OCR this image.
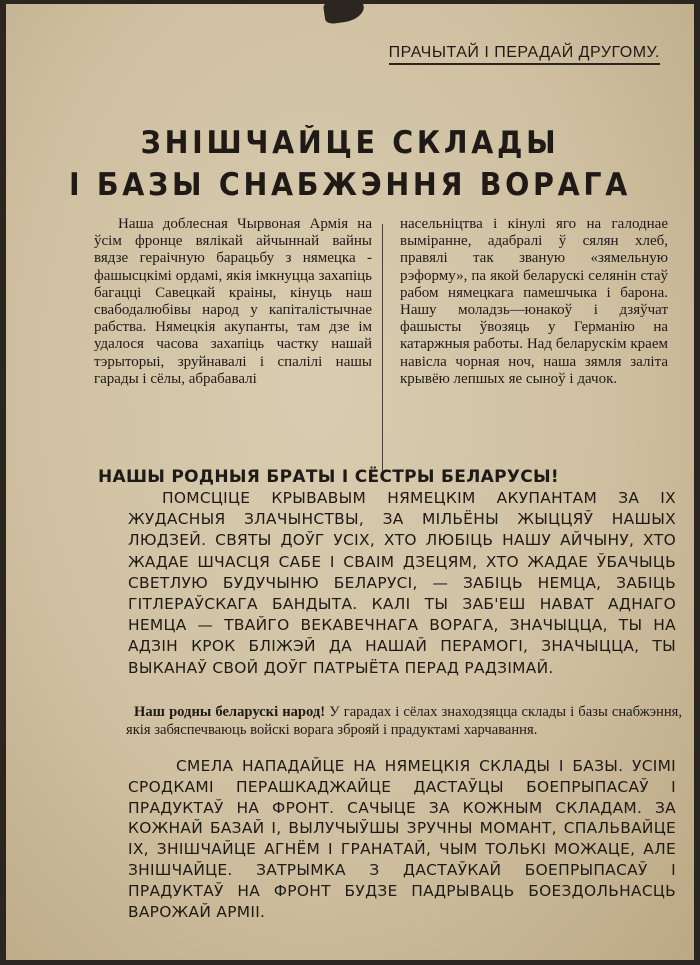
ПРАЧЫТАЙ І ПЕРАДАЙ ДРУГОМУ.
ЗНІШЧАЙЦЕ СКЛАДЫ
І БАЗЫ СНАБЖЭННЯ ВОРАГА
Наша доблесная Чырвоная Армія на ўсім фронце вялікай айчыннай вайны вядзе гераічную барацьбу з нямецка - фашысцкімі ордамі, якія імкнуцца захапіць багацці Савецкай краіны, кінуць наш свабодалюбівы народ у капіталістычнае рабства. Нямецкія акупанты, там дзе ім удалося часова захапіць частку нашай тэрыторыі, зруйнавалі і спалілі нашы гарады і сёлы, абрабавалі
насельніцтва і кінулі яго на галоднае выміранне, адабралі ў сялян хлеб, правялі так званую «зямельную рэформу», па якой беларускі селянін стаў рабом нямецкага памешчыка і барона. Нашу моладзь—юнакоў і дзяўчат фашысты ўвозяць у Германію на катаржныя работы. Над беларускім краем навісла чорная ноч, наша зямля заліта крывёю лепшых яе сыноў і дачок.
НАШЫ РОДНЫЯ БРАТЫ І СЁСТРЫ БЕЛАРУСЫ!
ПОМСЦІЦЕ КРЫВАВЫМ НЯМЕЦКІМ АКУПАНТАМ ЗА ІХ ЖУДАСНЫЯ ЗЛАЧЫНСТВЫ, ЗА МІЛЬЁНЫ ЖЫЦЦЯЎ НАШЫХ ЛЮДЗЕЙ. СВЯТЫ ДОЎГ УСІХ, ХТО ЛЮБІЦЬ НАШУ АЙЧЫНУ, ХТО ЖАДАЕ ШЧАСЦЯ САБЕ І СВАІМ ДЗЕЦЯМ, ХТО ЖАДАЕ ЎБАЧЫЦЬ СВЕТЛУЮ БУДУЧЫНЮ БЕЛАРУСІ, — ЗАБІЦЬ НЕМЦА, ЗАБІЦЬ ГІТЛЕРАЎСКАГА БАНДЫТА. КАЛІ ТЫ ЗАБ'ЕШ НАВАТ АДНАГО НЕМЦА — ТВАЙГО ВЕКАВЕЧНАГА ВОРАГА, ЗНАЧЫЦЦА, ТЫ НА АДЗІН КРОК БЛІЖЭЙ ДА НАШАЙ ПЕРАМОГІ, ЗНАЧЫЦЦА, ТЫ ВЫКАНАЎ СВОЙ ДОЎГ ПАТРЫЁТА ПЕРАД РАДЗІМАЙ.
Наш родны беларускі народ! У гарадах і сёлах знаходзяцца склады і базы снабжэння, якія забяспечваюць войскі ворага зброяй і прадуктамі харчавання.
СМЕЛА НАПАДАЙЦЕ НА НЯМЕЦКІЯ СКЛАДЫ І БАЗЫ. УСІМІ СРОДКАМІ ПЕРАШКАДЖАЙЦЕ ДАСТАЎЦЫ БОЕПРЫПАСАЎ І ПРАДУКТАЎ НА ФРОНТ. САЧЫЦЕ ЗА КОЖНЫМ СКЛАДАМ. ЗА КОЖНАЙ БАЗАЙ І, ВЫЛУЧЫЎШЫ ЗРУЧНЫ МОМАНТ, СПАЛЬВАЙЦЕ ІХ, ЗНІШЧАЙЦЕ АГНЁМ І ГРАНАТАЙ, ЧЫМ ТОЛЬКІ МОЖАЦЕ, АЛЕ ЗНІШЧАЙЦЕ. ЗАТРЫМКА З ДАСТАЎКАЙ БОЕПРЫПАСАЎ І ПРАДУКТАЎ НА ФРОНТ БУДЗЕ ПАДРЫВАЦЬ БОЕЗДОЛЬНАСЦЬ ВАРОЖАЙ АРМІІ.
